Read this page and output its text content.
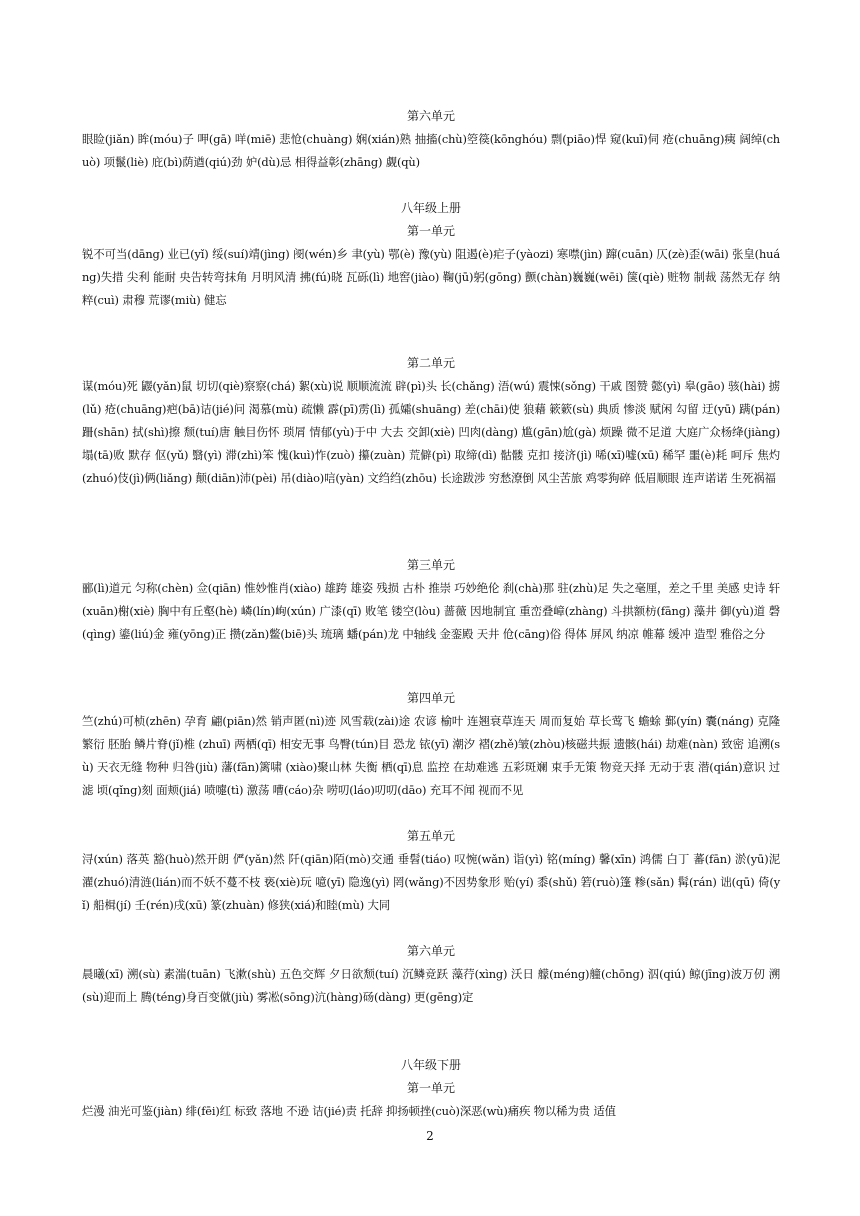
第六单元

眼睑(jiǎn) 眸(móu)子 呷(gā) 咩(miē) 悲怆(chuàng) 娴(xián)熟 抽搐(chù)箜篌(kōnghóu) 剽(piāo)悍 窥(kuī)伺 疮(chuāng)痍 阔绰(chuò) 项鬣(liè) 庇(bì)荫遒(qiú)劲 妒(dù)忌 相得益彰(zhāng) 觑(qù)

八年级上册

第一单元

锐不可当(dāng) 业已(yǐ) 绥(suí)靖(jìng) 阌(wén)乡 聿(yù) 鄂(è) 豫(yù) 阻遏(è)疟子(yàozi) 寒噤(jìn) 蹿(cuān) 仄(zè)歪(wāi) 张皇(huáng)失措 尖利 能耐 央告转弯抹角 月明风清 拂(fú)晓 瓦砾(lì) 地窖(jiào) 鞠(jū)躬(gōng) 颤(chàn)巍巍(wēi) 箧(qiè) 赃物 制裁 荡然无存 纳粹(cuì) 肃穆 荒谬(miù) 健忘

第二单元

谋(móu)死 鼹(yǎn)鼠 切切(qiè)察察(chá) 絮(xù)说 顺顺流流 辟(pì)头 长(chǎng) 浯(wú) 震悚(sǒng) 干戚 图赞 懿(yì) 皋(gāo) 骇(hài) 掳(lǔ) 疮(chuāng)疤(bā)诘(jié)问 渴慕(mù) 疏懒 霹(pī)雳(lì) 孤孀(shuāng) 差(chāi)使 狼藉 簌簌(sù) 典质 惨淡 赋闲 勾留 迂(yū) 蹒(pán)跚(shān) 拭(shì)擦 颓(tuí)唐 触目伤怀 琐屑 情郁(yù)于中 大去 交卸(xiè) 凹肉(dàng) 尴(gān)尬(gà) 烦躁 微不足道 大庭广众杨绛(jiàng) 塌(tā)败 默存 伛(yǔ) 翳(yì) 滞(zhì)笨 愧(kuì)怍(zuò) 攥(zuàn) 荒僻(pì) 取缔(dì) 骷髅 克扣 接济(jì) 唏(xī)嘘(xū) 稀罕 噩(è)耗 呵斥 焦灼(zhuó)伎(jì)俩(liǎng) 颠(diān)沛(pèi) 吊(diào)唁(yàn) 文绉绉(zhōu) 长途跋涉 穷愁潦倒 风尘苦旅 鸡零狗碎 低眉顺眼 连声诺诺 生死祸福

第三单元

郦(lì)道元 匀称(chèn) 佥(qiān) 惟妙惟肖(xiào) 雄跨 雄姿 残损 古朴 推崇 巧妙绝伦 刹(chà)那 驻(zhù)足 失之毫厘，差之千里 美感 史诗 轩(xuān)榭(xiè) 胸中有丘壑(hè) 嶙(lín)峋(xún) 广漆(qī) 败笔 镂空(lòu) 蔷薇 因地制宜 重峦叠嶂(zhàng) 斗拱额枋(fāng) 藻井 御(yù)道 磬(qìng) 鎏(liú)金 雍(yōng)正 攒(zǎn)鳖(biē)头 琉璃 蟠(pán)龙 中轴线 金銮殿 天井 伧(cāng)俗 得体 屏风 纳凉 帷幕 缓冲 造型 雅俗之分

第四单元

竺(zhú)可桢(zhēn) 孕育 翩(piān)然 销声匿(nì)迹 风雪载(zài)途 农谚 榆叶 连翘衰草连天 周而复始 草长莺飞 蟾蜍 鄞(yín) 囊(náng) 克隆 繁衍 胚胎 鳞片脊(jǐ)椎 (zhuī) 两栖(qī) 相安无事 鸟臀(tún)目 恐龙 铱(yī) 潮汐 褶(zhě)皱(zhòu)核磁共振 遗骸(hái) 劫难(nàn) 致密 追溯(sù) 天衣无缝 物种 归咎(jiù) 藩(fān)篱啸 (xiào)聚山林 失衡 栖(qī)息 监控 在劫难逃 五彩斑斓 束手无策 物竞天择 无动于衷 潜(qián)意识 过滤 顷(qǐng)刻 面颊(jiá) 喷嚏(tì) 激荡 嘈(cáo)杂 唠叨(láo)叨叨(dāo) 充耳不闻 视而不见

第五单元

浔(xún) 落英 豁(huò)然开朗 俨(yǎn)然 阡(qiān)陌(mò)交通 垂髫(tiáo) 叹惋(wǎn) 诣(yì) 铭(míng) 馨(xīn) 鸿儒 白丁 蕃(fān) 淤(yū)泥 濯(zhuó)清涟(lián)而不妖不蔓不枝 亵(xiè)玩 噫(yī) 隐逸(yì) 罔(wǎng)不因势象形 贻(yí) 黍(shǔ) 箬(ruò)篷 糁(sǎn) 髯(rán) 诎(qū) 倚(yǐ) 船楫(jí) 壬(rén)戌(xū) 篆(zhuàn) 修狭(xiá)和睦(mù) 大同

第六单元

晨曦(xī) 溯(sù) 素湍(tuān) 飞漱(shù) 五色交辉 夕日欲颓(tuí) 沉鳞竞跃 藻荇(xìng) 沃日 艨(méng)艟(chōng) 泅(qiú) 鲸(jīng)波万仞 溯(sù)迎而上 腾(téng)身百变僦(jiù) 雾凇(sōng)沆(hàng)砀(dàng) 更(gēng)定

八年级下册

第一单元

烂漫 油光可鉴(jiàn) 绯(fēi)红 标致 落地 不逊 诘(jié)责 托辞 抑扬顿挫(cuò)深恶(wù)痛疾 物以稀为贵 适值

2
